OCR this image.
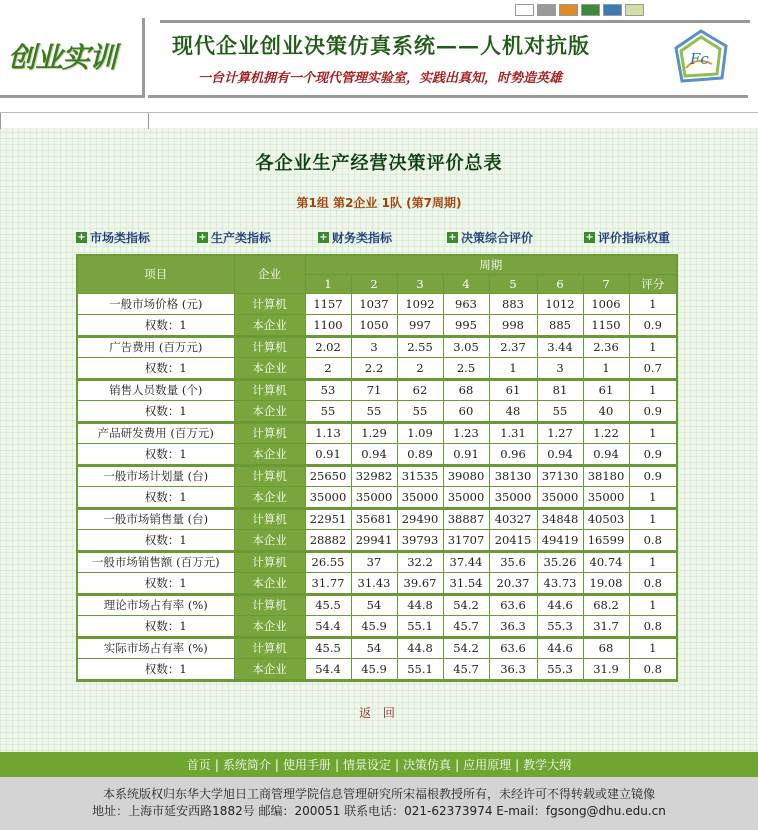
创业实训	现代企业创业决策仿真系统——人机对抗版
一台计算机拥有一个现代管理实验室，实践出真知，时势造英雄
Fc
各企业生产经营决策评价总表
第1组 第2企业 1队 (第7周期)
+ 市场类指标	+ 生产类指标	+ 财务类指标	+ 决策综合评价	+ 评价指标权重
项目	企业	周期							
		1	2	3	4	5	6	7	评分
一般市场价格 (元)	计算机	1157	1037	1092	963	883	1012	1006	1
权数：1	本企业	1100	1050	997	995	998	885	1150	0.9
广告费用 (百万元)	计算机	2.02	3	2.55	3.05	2.37	3.44	2.36	1
权数：1	本企业	2	2.2	2	2.5	1	3	1	0.7
销售人员数量 (个)	计算机	53	71	62	68	61	81	61	1
权数：1	本企业	55	55	55	60	48	55	40	0.9
产品研发费用 (百万元)	计算机	1.13	1.29	1.09	1.23	1.31	1.27	1.22	1
权数：1	本企业	0.91	0.94	0.89	0.91	0.96	0.94	0.94	0.9
一般市场计划量 (台)	计算机	25650	32982	31535	39080	38130	37130	38180	0.9
权数：1	本企业	35000	35000	35000	35000	35000	35000	35000	1
一般市场销售量 (台)	计算机	22951	35681	29490	38887	40327	34848	40503	1
权数：1	本企业	28882	29941	39793	31707	20415	49419	16599	0.8
一般市场销售额 (百万元)	计算机	26.55	37	32.2	37.44	35.6	35.26	40.74	1
权数：1	本企业	31.77	31.43	39.67	31.54	20.37	43.73	19.08	0.8
理论市场占有率 (%)	计算机	45.5	54	44.8	54.2	63.6	44.6	68.2	1
权数：1	本企业	54.4	45.9	55.1	45.7	36.3	55.3	31.7	0.8
实际市场占有率 (%)	计算机	45.5	54	44.8	54.2	63.6	44.6	68	1
权数：1	本企业	54.4	45.9	55.1	45.7	36.3	55.3	31.9	0.8
返 回
首页 | 系统简介 | 使用手册 | 情景设定 | 决策仿真 | 应用原理 | 教学大纲
本系统版权归东华大学旭日工商管理学院信息管理研究所宋福根教授所有，未经许可不得转载或建立镜像
地址：上海市延安西路1882号 邮编：200051 联系电话：021-62373974 E-mail：fgsong@dhu.edu.cn
